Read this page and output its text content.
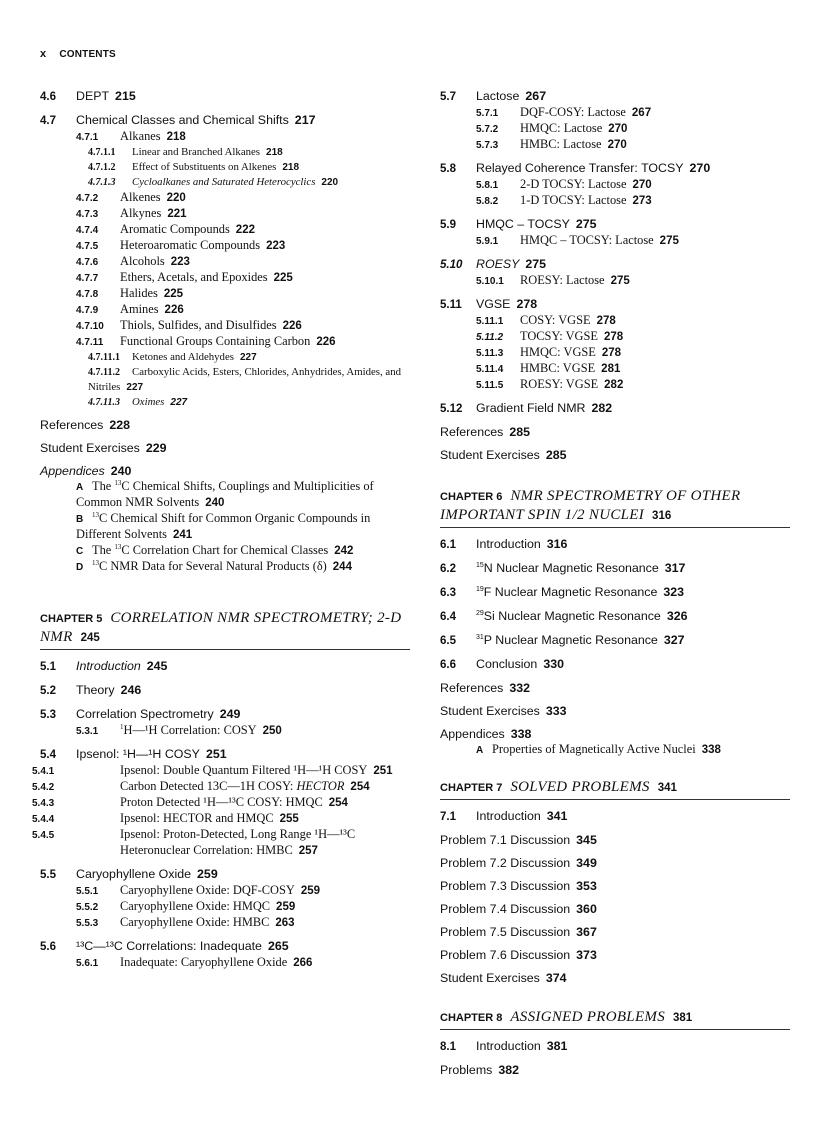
x CONTENTS
4.6 DEPT 215
4.7 Chemical Classes and Chemical Shifts 217
4.7.1 Alkanes 218
4.7.1.1 Linear and Branched Alkanes 218
4.7.1.2 Effect of Substituents on Alkenes 218
4.7.1.3 Cycloalkanes and Saturated Heterocyclics 220
4.7.2 Alkenes 220
4.7.3 Alkynes 221
4.7.4 Aromatic Compounds 222
4.7.5 Heteroaromatic Compounds 223
4.7.6 Alcohols 223
4.7.7 Ethers, Acetals, and Epoxides 225
4.7.8 Halides 225
4.7.9 Amines 226
4.7.10 Thiols, Sulfides, and Disulfides 226
4.7.11 Functional Groups Containing Carbon 226
4.7.11.1 Ketones and Aldehydes 227
4.7.11.2 Carboxylic Acids, Esters, Chlorides, Anhydrides, Amides, and Nitriles 227
4.7.11.3 Oximes 227
References 228
Student Exercises 229
Appendices 240
A The $^{13}$C Chemical Shifts, Couplings and Multiplicities of Common NMR Solvents 240
B $^{13}$C Chemical Shift for Common Organic Compounds in Different Solvents 241
C The $^{13}$C Correlation Chart for Chemical Classes 242
D $^{13}$C NMR Data for Several Natural Products (δ) 244
CHAPTER 5 CORRELATION NMR SPECTROMETRY; 2-D NMR 245
5.1 Introduction 245
5.2 Theory 246
5.3 Correlation Spectrometry 249
5.3.1	$^1$H—¹H Correlation: COSY 250
5.4 Ipsenol: ¹H—¹H COSY 251
5.4.1	Ipsenol: Double Quantum Filtered ¹H—¹H COSY 251
5.4.2	Carbon Detected 13C—1H COSY: HECTOR 254
5.4.3	Proton Detected ¹H—¹³C COSY: HMQC 254
5.4.4	Ipsenol: HECTOR and HMQC 255
5.4.5	Ipsenol: Proton-Detected, Long Range ¹H—¹³C Heteronuclear Correlation: HMBC 257
5.5 Caryophyllene Oxide 259
5.5.1 Caryophyllene Oxide: DQF-COSY 259
5.5.2 Caryophyllene Oxide: HMQC 259
5.5.3 Caryophyllene Oxide: HMBC 263
5.6 ¹³C—¹³C Correlations: Inadequate 265
5.6.1 Inadequate: Caryophyllene Oxide 266
5.7 Lactose 267
5.7.1 DQF-COSY: Lactose 267
5.7.2 HMQC: Lactose 270
5.7.3 HMBC: Lactose 270
5.8 Relayed Coherence Transfer: TOCSY 270
5.8.1 2-D TOCSY: Lactose 270
5.8.2 1-D TOCSY: Lactose 273
5.9 HMQC – TOCSY 275
5.9.1 HMQC – TOCSY: Lactose 275
5.10 ROESY 275
5.10.1 ROESY: Lactose 275
5.11 VGSE 278
5.11.1 COSY: VGSE 278
5.11.2 TOCSY: VGSE 278
5.11.3 HMQC: VGSE 278
5.11.4 HMBC: VGSE 281
5.11.5 ROESY: VGSE 282
5.12 Gradient Field NMR 282
References 285
Student Exercises 285
CHAPTER 6 NMR SPECTROMETRY OF OTHER IMPORTANT SPIN 1/2 NUCLEI 316
6.1 Introduction 316
6.2	$^{15}$N Nuclear Magnetic Resonance 317
6.3	$^{19}$F Nuclear Magnetic Resonance 323
6.4	$^{29}$Si Nuclear Magnetic Resonance 326
6.5	$^{31}$P Nuclear Magnetic Resonance 327
6.6 Conclusion 330
References 332
Student Exercises 333
Appendices 338
A Properties of Magnetically Active Nuclei 338
CHAPTER 7 SOLVED PROBLEMS 341
7.1 Introduction 341
Problem 7.1 Discussion 345
Problem 7.2 Discussion 349
Problem 7.3 Discussion 353
Problem 7.4 Discussion 360
Problem 7.5 Discussion 367
Problem 7.6 Discussion 373
Student Exercises 374
CHAPTER 8 ASSIGNED PROBLEMS 381
8.1 Introduction 381
Problems 382
